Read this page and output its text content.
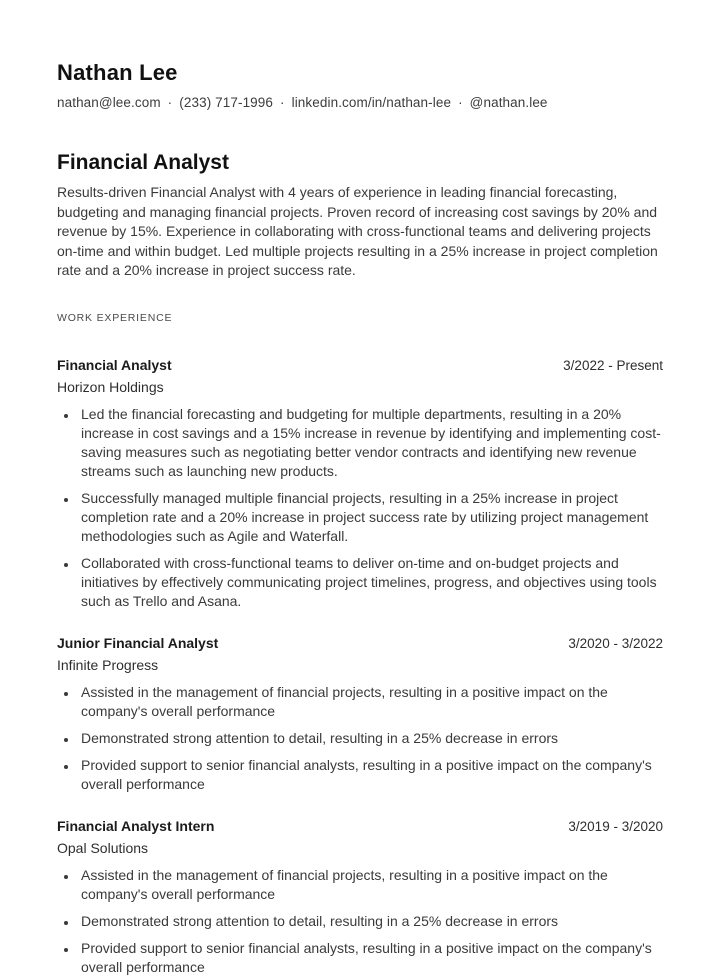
Nathan Lee
nathan@lee.com · (233) 717-1996 · linkedin.com/in/nathan-lee · @nathan.lee
Financial Analyst

Results-driven Financial Analyst with 4 years of experience in leading financial forecasting, budgeting and managing financial projects. Proven record of increasing cost savings by 20% and revenue by 15%. Experience in collaborating with cross-functional teams and delivering projects on-time and within budget. Led multiple projects resulting in a 25% increase in project completion rate and a 20% increase in project success rate.

WORK EXPERIENCE
Financial Analyst	3/2022 - Present
Horizon Holdings
• Led the financial forecasting and budgeting for multiple departments, resulting in a 20% increase in cost savings and a 15% increase in revenue by identifying and implementing cost-saving measures such as negotiating better vendor contracts and identifying new revenue streams such as launching new products.
• Successfully managed multiple financial projects, resulting in a 25% increase in project completion rate and a 20% increase in project success rate by utilizing project management methodologies such as Agile and Waterfall.
• Collaborated with cross-functional teams to deliver on-time and on-budget projects and initiatives by effectively communicating project timelines, progress, and objectives using tools such as Trello and Asana.
Junior Financial Analyst	3/2020 - 3/2022
Infinite Progress
• Assisted in the management of financial projects, resulting in a positive impact on the company's overall performance
• Demonstrated strong attention to detail, resulting in a 25% decrease in errors
• Provided support to senior financial analysts, resulting in a positive impact on the company's overall performance
Financial Analyst Intern	3/2019 - 3/2020
Opal Solutions
• Assisted in the management of financial projects, resulting in a positive impact on the company's overall performance
• Demonstrated strong attention to detail, resulting in a 25% decrease in errors
• Provided support to senior financial analysts, resulting in a positive impact on the company's overall performance
